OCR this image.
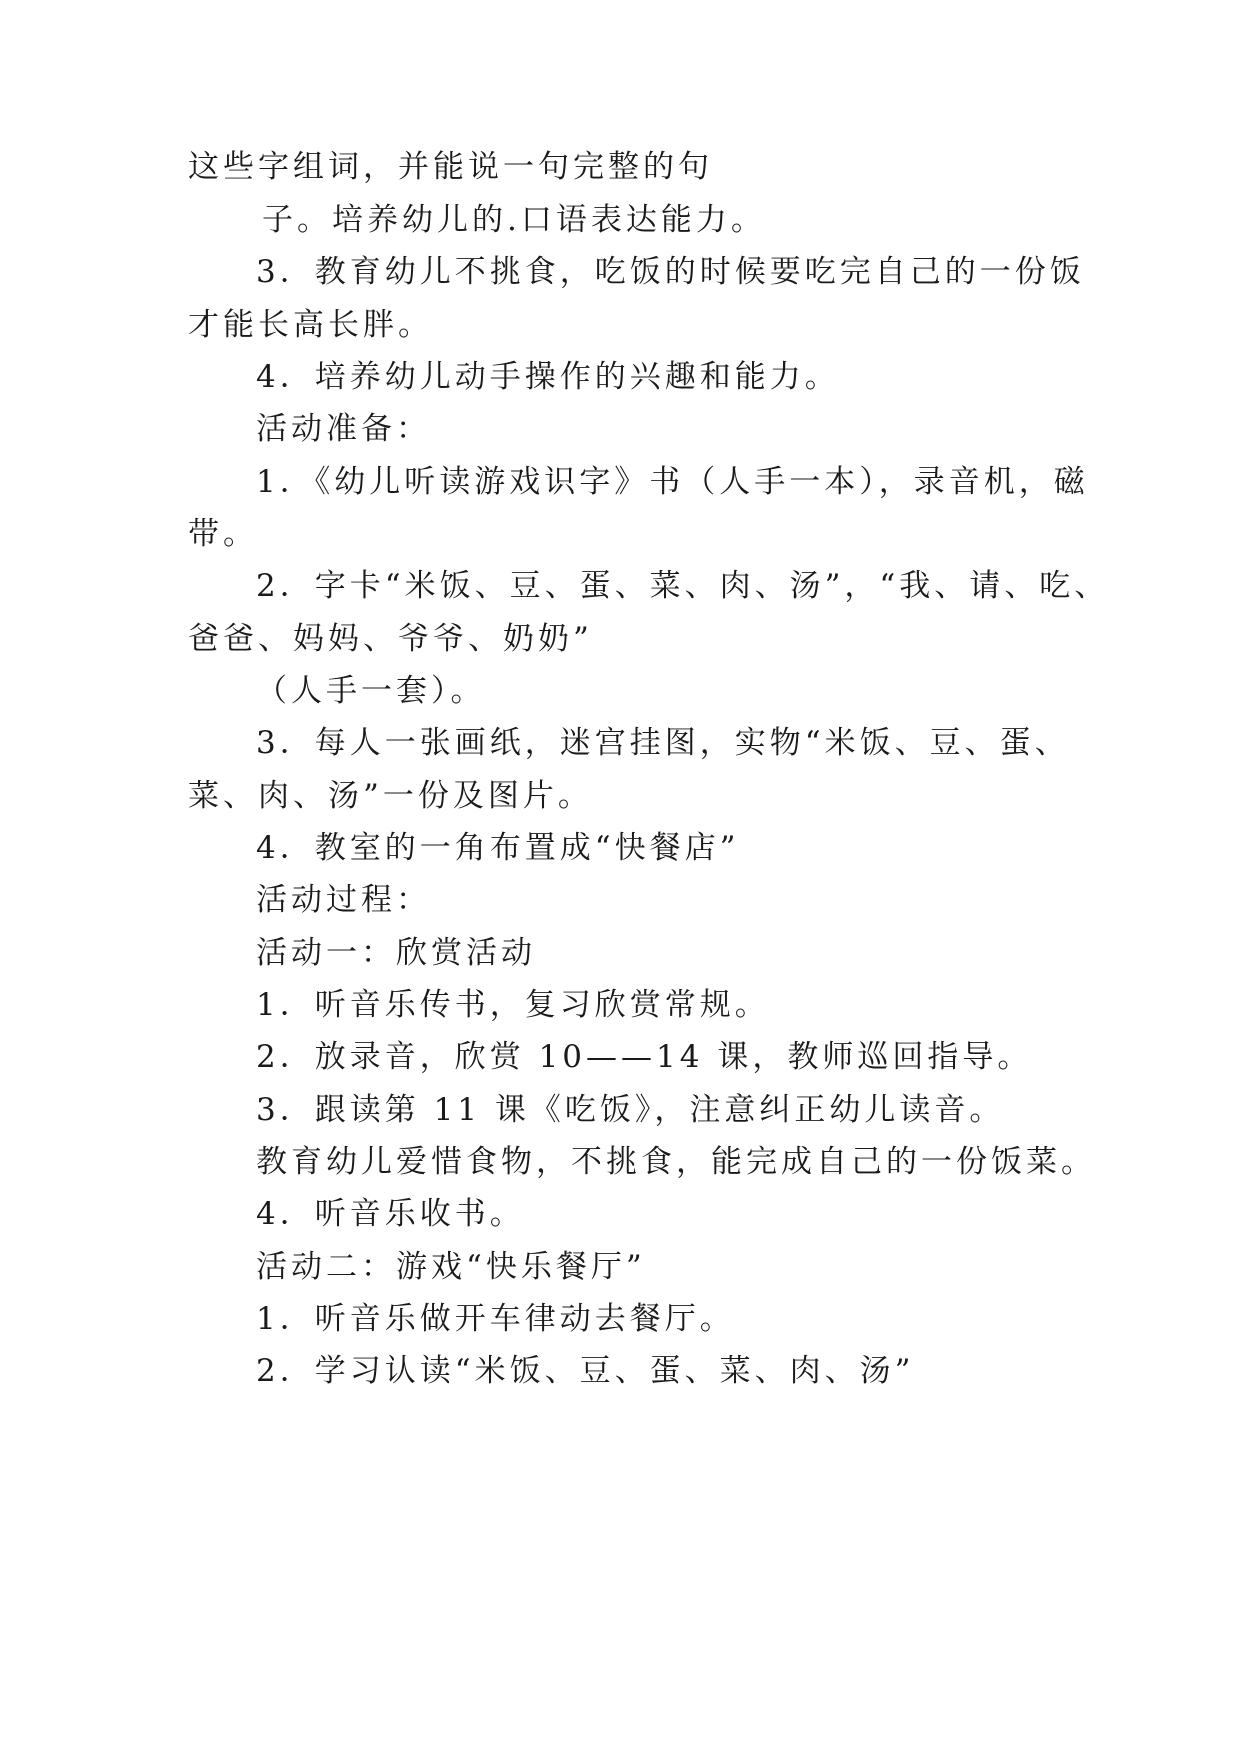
这些字组词，并能说一句完整的句
子。培养幼儿的.口语表达能力。
3．教育幼儿不挑食，吃饭的时候要吃完自己的一份饭
才能长高长胖。
4．培养幼儿动手操作的兴趣和能力。
活动准备：
1．《幼儿听读游戏识字》书（人手一本），录音机，磁
带。
2．字卡“米饭、豆、蛋、菜、肉、汤”，“我、请、吃、
爸爸、妈妈、爷爷、奶奶”
（人手一套）。
3．每人一张画纸，迷宫挂图，实物“米饭、豆、蛋、
菜、肉、汤”一份及图片。
4．教室的一角布置成“快餐店”
活动过程：
活动一：欣赏活动
1．听音乐传书，复习欣赏常规。
2．放录音，欣赏 10——14 课，教师巡回指导。
3．跟读第 11 课《吃饭》，注意纠正幼儿读音。
教育幼儿爱惜食物，不挑食，能完成自己的一份饭菜。
4．听音乐收书。
活动二：游戏“快乐餐厅”
1．听音乐做开车律动去餐厅。
2．学习认读“米饭、豆、蛋、菜、肉、汤”
